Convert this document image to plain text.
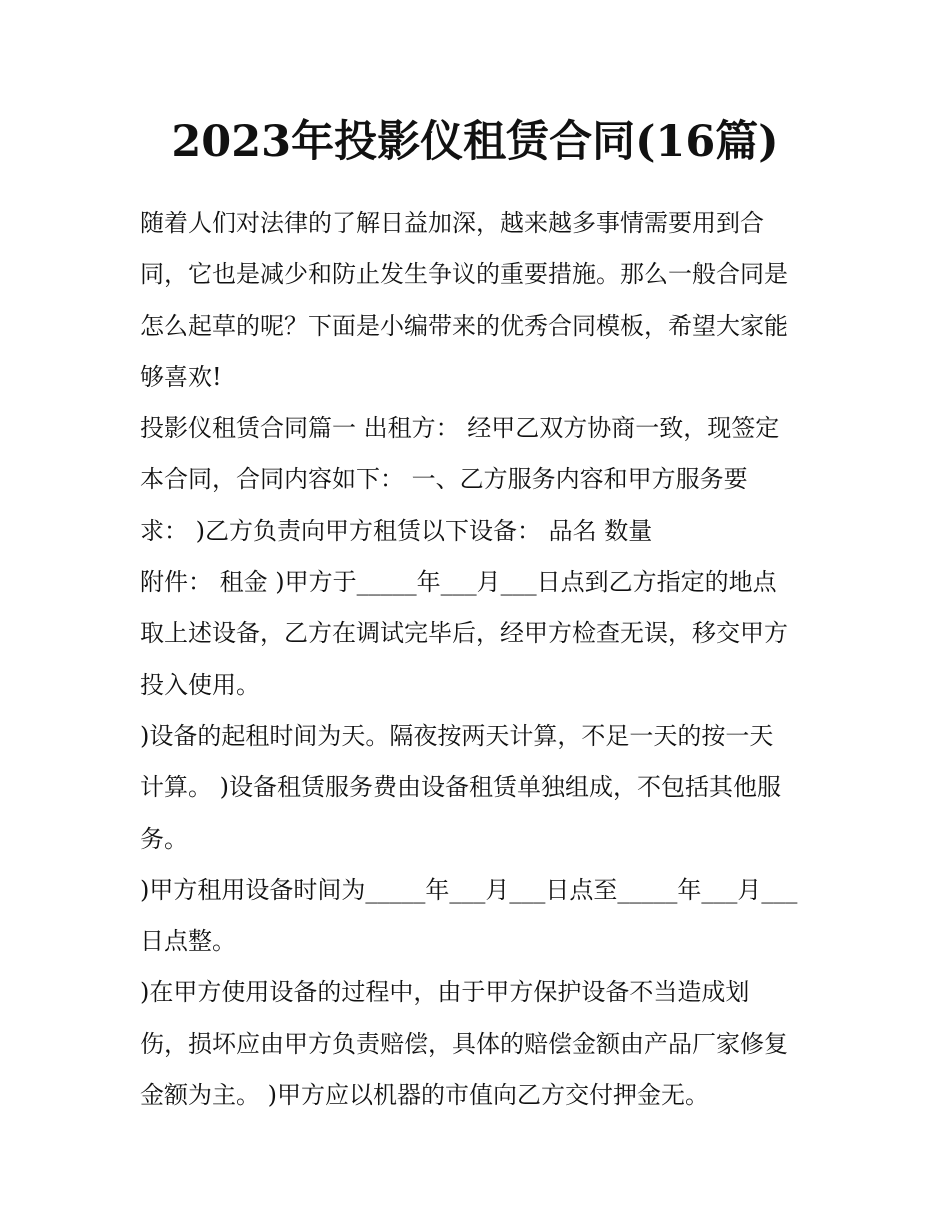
2023年投影仪租赁合同(16篇)

随着人们对法律的了解日益加深，越来越多事情需要用到合
同，它也是减少和防止发生争议的重要措施。那么一般合同是
怎么起草的呢？下面是小编带来的优秀合同模板，希望大家能
够喜欢!

投影仪租赁合同篇一 出租方： 经甲乙双方协商一致，现签定
本合同，合同内容如下： 一、乙方服务内容和甲方服务要
求： )乙方负责向甲方租赁以下设备： 品名 数量
附件： 租金 )甲方于_____年___月___日点到乙方指定的地点
取上述设备，乙方在调试完毕后，经甲方检查无误，移交甲方
投入使用。

)设备的起租时间为天。隔夜按两天计算，不足一天的按一天
计算。 )设备租赁服务费由设备租赁单独组成，不包括其他服
务。

)甲方租用设备时间为_____年___月___日点至_____年___月___
日点整。

)在甲方使用设备的过程中，由于甲方保护设备不当造成划
伤，损坏应由甲方负责赔偿，具体的赔偿金额由产品厂家修复
金额为主。 )甲方应以机器的市值向乙方交付押金无。
